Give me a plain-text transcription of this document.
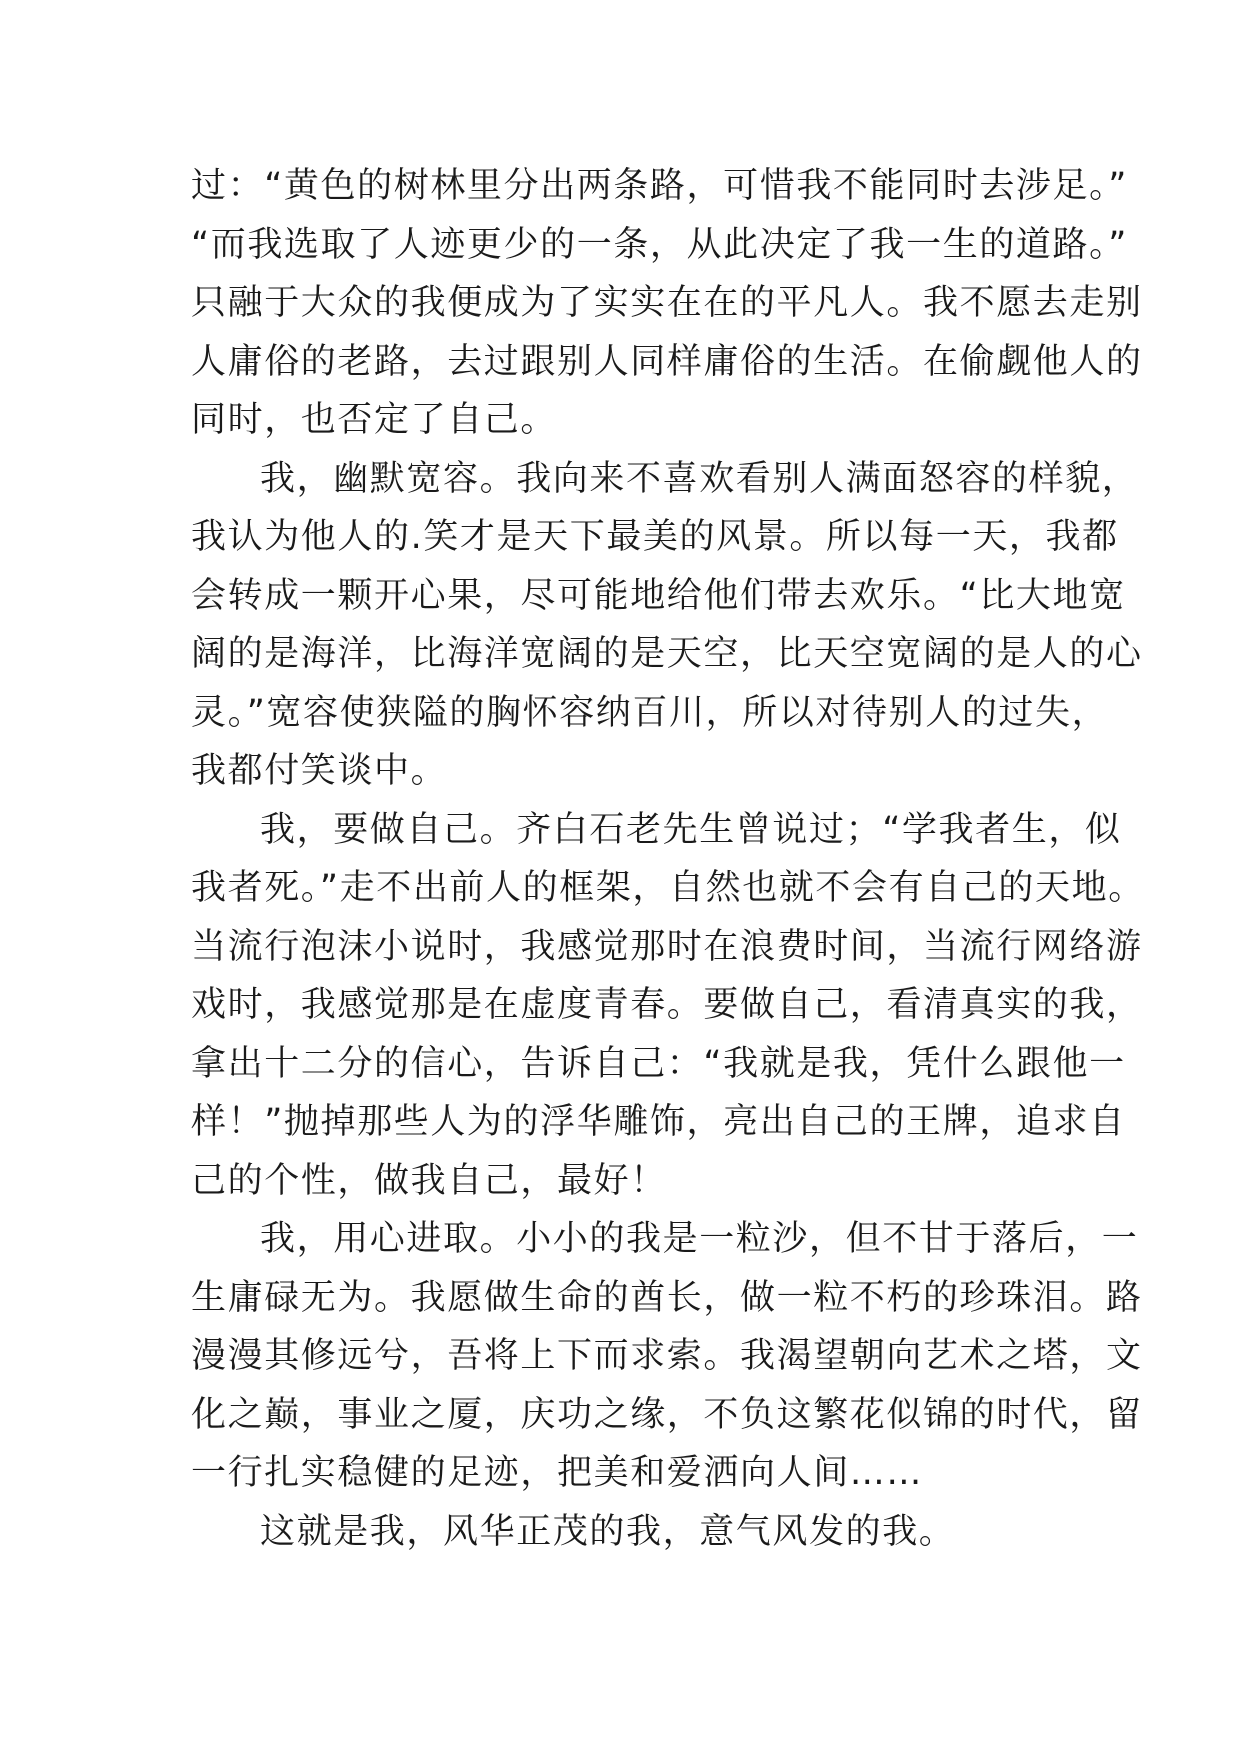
过：“黄色的树林里分出两条路，可惜我不能同时去涉足。”
“而我选取了人迹更少的一条，从此决定了我一生的道路。”
只融于大众的我便成为了实实在在的平凡人。我不愿去走别
人庸俗的老路，去过跟别人同样庸俗的生活。在偷觑他人的
同时，也否定了自己。
我，幽默宽容。我向来不喜欢看别人满面怒容的样貌，
我认为他人的.笑才是天下最美的风景。所以每一天，我都
会转成一颗开心果，尽可能地给他们带去欢乐。“比大地宽
阔的是海洋，比海洋宽阔的是天空，比天空宽阔的是人的心
灵。”宽容使狭隘的胸怀容纳百川，所以对待别人的过失，
我都付笑谈中。
我，要做自己。齐白石老先生曾说过；“学我者生，似
我者死。”走不出前人的框架，自然也就不会有自己的天地。
当流行泡沫小说时，我感觉那时在浪费时间，当流行网络游
戏时，我感觉那是在虚度青春。要做自己，看清真实的我，
拿出十二分的信心，告诉自己：“我就是我，凭什么跟他一
样！”抛掉那些人为的浮华雕饰，亮出自己的王牌，追求自
己的个性，做我自己，最好！
我，用心进取。小小的我是一粒沙，但不甘于落后，一
生庸碌无为。我愿做生命的酋长，做一粒不朽的珍珠泪。路
漫漫其修远兮，吾将上下而求索。我渴望朝向艺术之塔，文
化之巅，事业之厦，庆功之缘，不负这繁花似锦的时代，留
一行扎实稳健的足迹，把美和爱洒向人间……
这就是我，风华正茂的我，意气风发的我。
